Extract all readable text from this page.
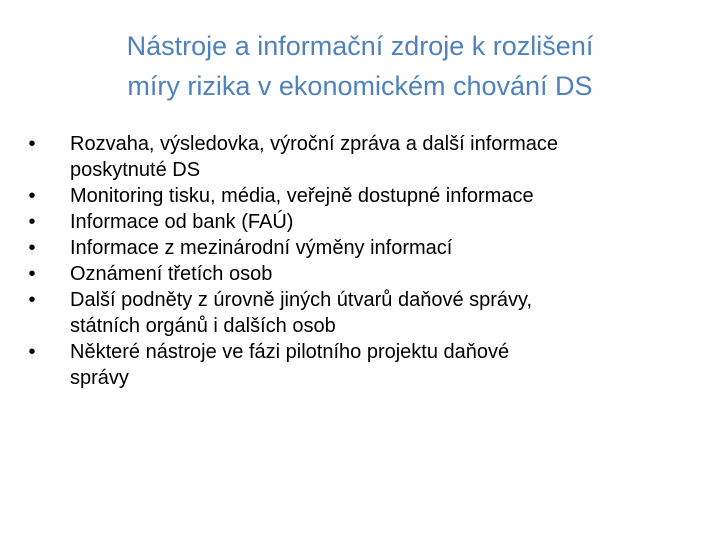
Nástroje a informační zdroje k rozlišení
míry rizika v ekonomickém chování DS
•	Rozvaha, výsledovka, výroční zpráva a další informace
poskytnuté DS
•	Monitoring tisku, média, veřejně dostupné informace
•	Informace od bank (FAÚ)
•	Informace z mezinárodní výměny informací
•	Oznámení třetích osob
•	Další podněty z úrovně jiných útvarů daňové správy,
státních orgánů i dalších osob
•	Některé nástroje ve fázi pilotního projektu daňové
správy
